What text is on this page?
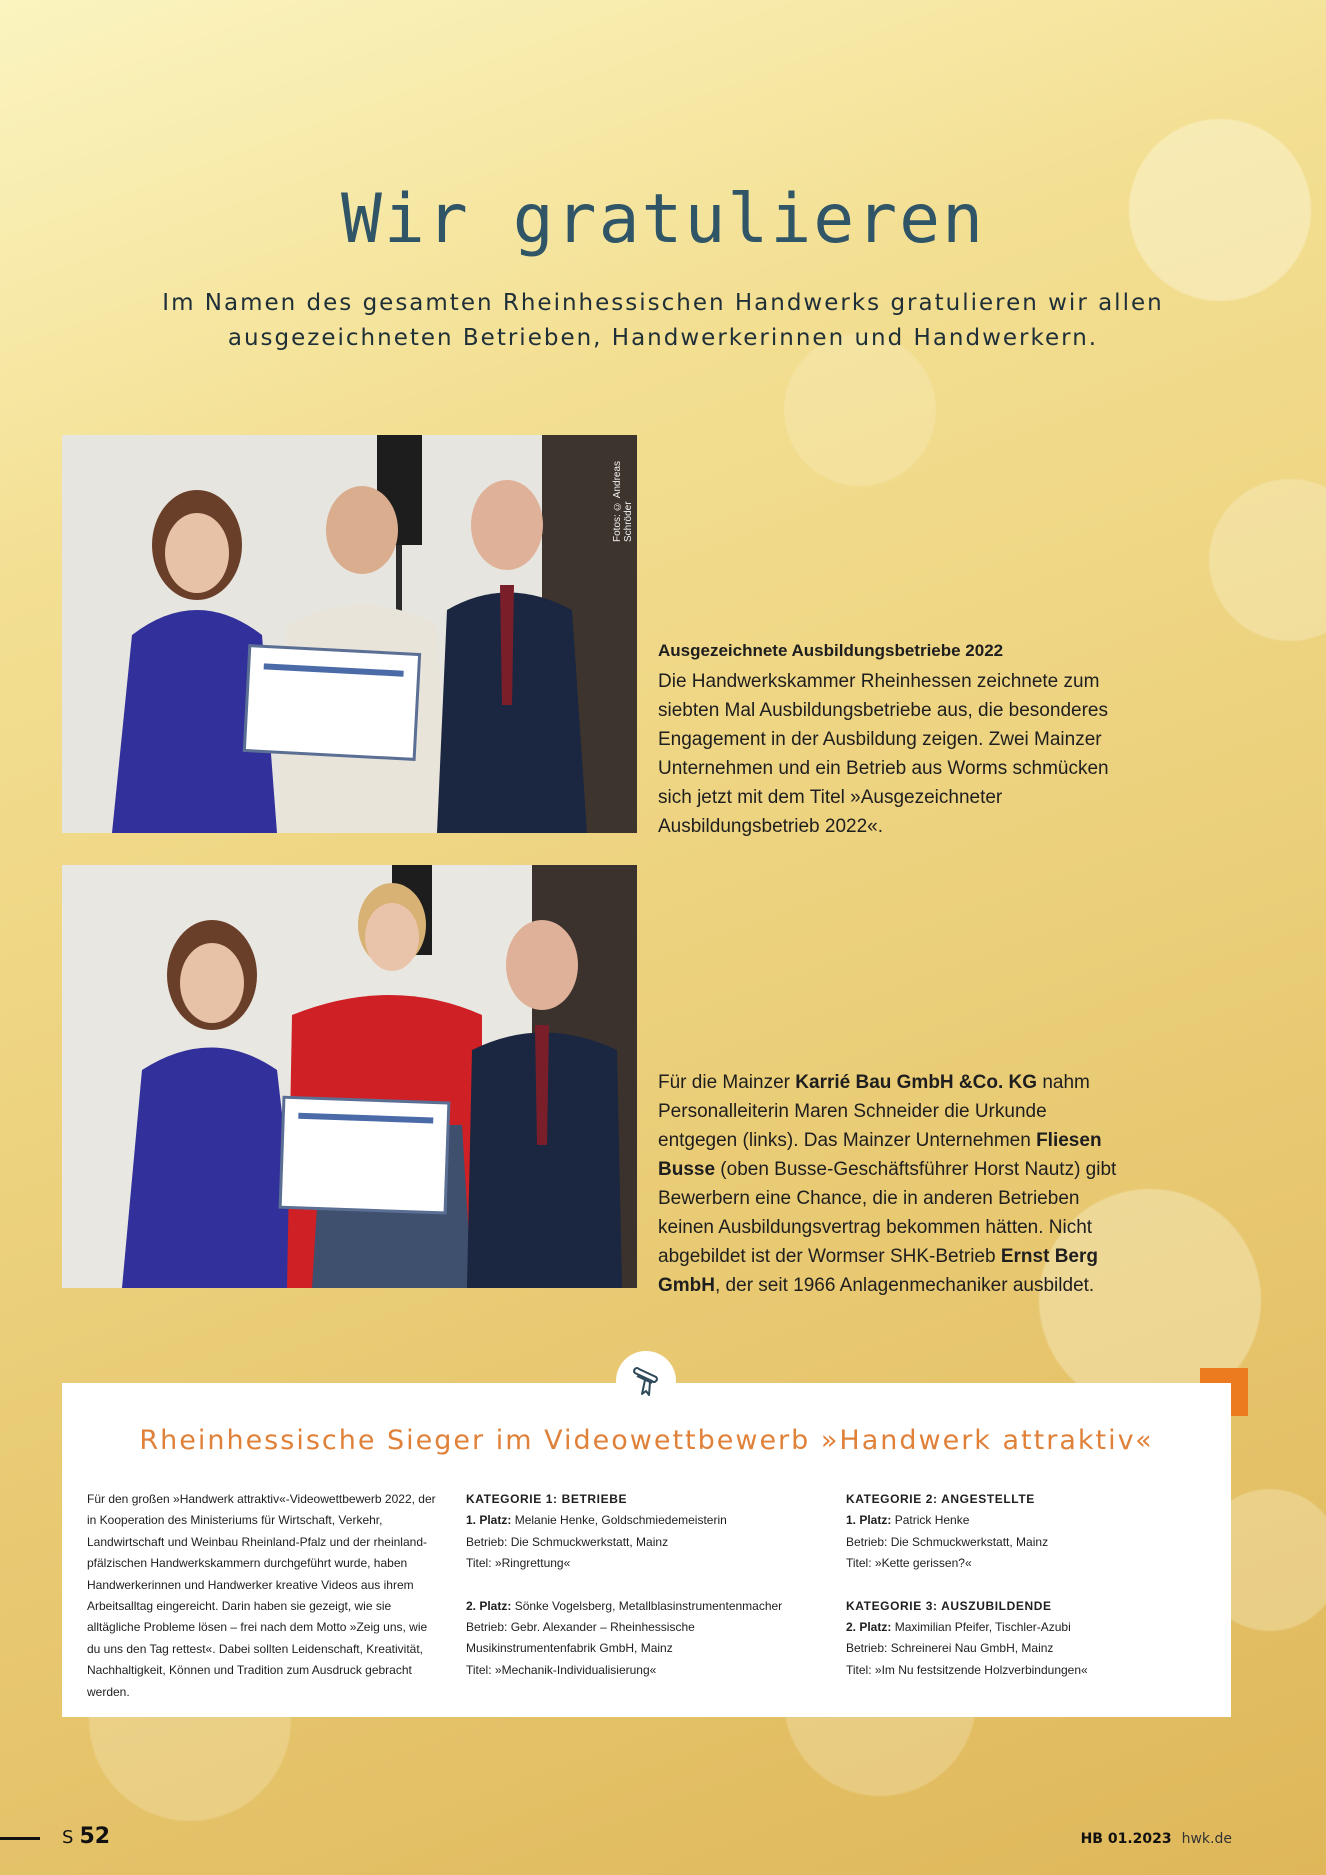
Wir gratulieren

Im Namen des gesamten Rheinhessischen Handwerks gratulieren wir allen ausgezeichneten Betrieben, Handwerkerinnen und Handwerkern.

Fotos: © Andreas Schröder
Ausgezeichnete Ausbildungsbetriebe 2022
Die Handwerkskammer Rheinhessen zeichnete zum siebten Mal Ausbildungsbetriebe aus, die besonderes Engagement in der Ausbildung zeigen. Zwei Mainzer Unternehmen und ein Betrieb aus Worms schmücken sich jetzt mit dem Titel »Ausgezeichneter Ausbildungsbetrieb 2022«.
Für die Mainzer Karrié Bau GmbH &Co. KG nahm Personalleiterin Maren Schneider die Urkunde entgegen (links). Das Mainzer Unternehmen Fliesen Busse (oben Busse-Geschäftsführer Horst Nautz) gibt Bewerbern eine Chance, die in anderen Betrieben keinen Ausbildungsvertrag bekommen hätten. Nicht abgebildet ist der Wormser SHK-Betrieb Ernst Berg GmbH, der seit 1966 Anlagenmechaniker ausbildet.
Rheinhessische Sieger im Videowettbewerb »Handwerk attraktiv«
Für den großen »Handwerk attraktiv«-Videowettbewerb 2022, der in Kooperation des Ministeriums für Wirtschaft, Verkehr, Landwirtschaft und Weinbau Rheinland-Pfalz und der rheinland-pfälzischen Handwerkskammern durchgeführt wurde, haben Handwerkerinnen und Handwerker kreative Videos aus ihrem Arbeitsalltag eingereicht. Darin haben sie gezeigt, wie sie alltägliche Probleme lösen – frei nach dem Motto »Zeig uns, wie du uns den Tag rettest«. Dabei sollten Leidenschaft, Kreativität, Nachhaltigkeit, Können und Tradition zum Ausdruck gebracht werden.
KATEGORIE 1: BETRIEBE
1. Platz: Melanie Henke, Goldschmiedemeisterin
Betrieb: Die Schmuckwerkstatt, Mainz
Titel: »Ringrettung«
2. Platz: Sönke Vogelsberg, Metallblasinstrumentenmacher
Betrieb: Gebr. Alexander – Rheinhessische Musikinstrumentenfabrik GmbH, Mainz
Titel: »Mechanik-Individualisierung«
KATEGORIE 2: ANGESTELLTE
1. Platz: Patrick Henke
Betrieb: Die Schmuckwerkstatt, Mainz
Titel: »Kette gerissen?«
KATEGORIE 3: AUSZUBILDENDE
2. Platz: Maximilian Pfeifer, Tischler-Azubi
Betrieb: Schreinerei Nau GmbH, Mainz
Titel: »Im Nu festsitzende Holzverbindungen«
S 52	HB 01.2023 hwk.de
